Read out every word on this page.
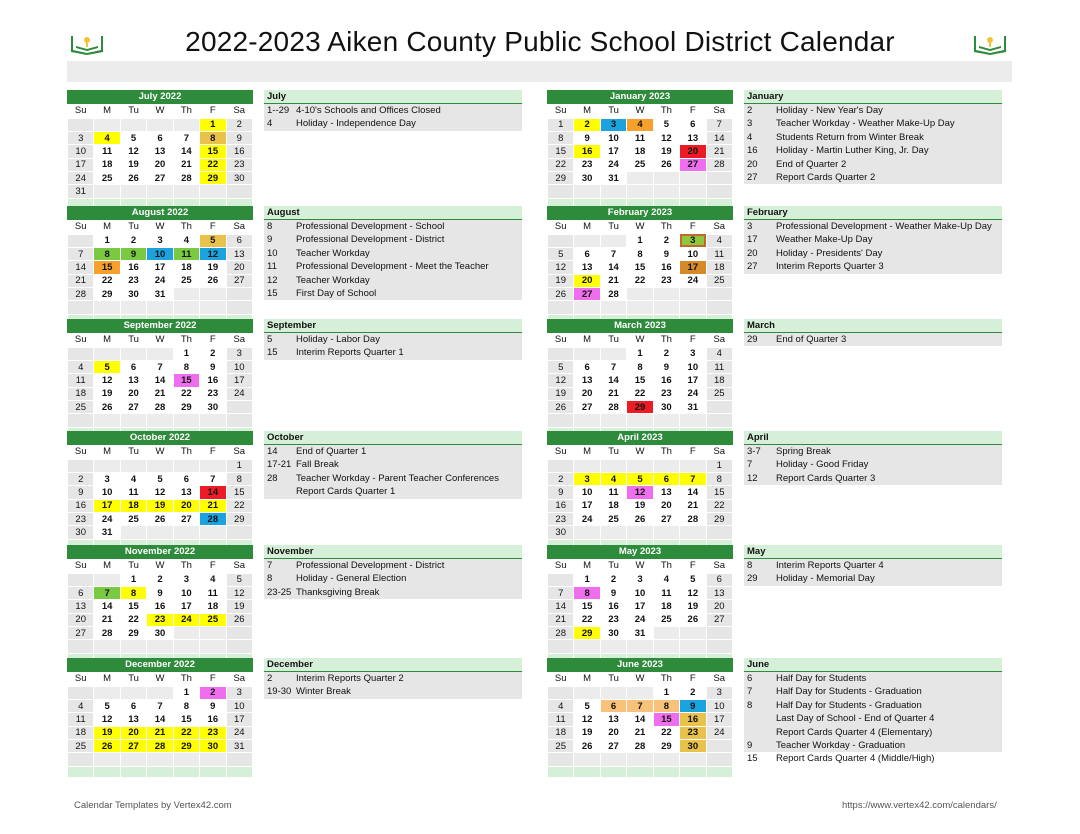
2022-2023 Aiken County Public School District Calendar
July 2022
Su	M	Tu	W	Th	F	Sa
					1	2
3	4	5	6	7	8	9
10	11	12	13	14	15	16
17	18	19	20	21	22	23
24	25	26	27	28	29	30
31						

July
1--29 4-10's Schools and Offices Closed
4	Holiday - Independence Day
August 2022
Su	M	Tu	W	Th	F	Sa
	1	2	3	4	5	6
7	8	9	10	11	12	13
14	15	16	17	18	19	20
21	22	23	24	25	26	27
28	29	30	31			

August
8	Professional Development - School
9	Professional Development - District
10	Teacher Workday
11	Professional Development - Meet the Teacher
12	Teacher Workday
15	First Day of School
September 2022
Su	M	Tu	W	Th	F	Sa
				1	2	3
4	5	6	7	8	9	10
11	12	13	14	15	16	17
18	19	20	21	22	23	24
25	26	27	28	29	30	

September
5	Holiday - Labor Day
15	Interim Reports Quarter 1
October 2022
Su	M	Tu	W	Th	F	Sa
						1
2	3	4	5	6	7	8
9	10	11	12	13	14	15
16	17	18	19	20	21	22
23	24	25	26	27	28	29
30	31					

October
14	End of Quarter 1
17-21 Fall Break
28	Teacher Workday - Parent Teacher Conferences
Report Cards Quarter 1
November 2022
Su	M	Tu	W	Th	F	Sa
		1	2	3	4	5
6	7	8	9	10	11	12
13	14	15	16	17	18	19
20	21	22	23	24	25	26
27	28	29	30			

November
7	Professional Development - District
8	Holiday - General Election
23-25 Thanksgiving Break
December 2022
Su	M	Tu	W	Th	F	Sa
				1	2	3
4	5	6	7	8	9	10
11	12	13	14	15	16	17
18	19	20	21	22	23	24
25	26	27	28	29	30	31

December
2	Interim Reports Quarter 2
19-30 Winter Break
January 2023
Su	M	Tu	W	Th	F	Sa
1	2	3	4	5	6	7
8	9	10	11	12	13	14
15	16	17	18	19	20	21
22	23	24	25	26	27	28
29	30	31				

January
2	Holiday - New Year's Day
3	Teacher Workday - Weather Make-Up Day
4	Students Return from Winter Break
16	Holiday - Martin Luther King, Jr. Day
20	End of Quarter 2
27	Report Cards Quarter 2
February 2023
Su	M	Tu	W	Th	F	Sa
			1	2	3	4
5	6	7	8	9	10	11
12	13	14	15	16	17	18
19	20	21	22	23	24	25
26	27	28				

February
3	Professional Development - Weather Make-Up Day
17	Weather Make-Up Day
20	Holiday - Presidents' Day
27	Interim Reports Quarter 3
March 2023
Su	M	Tu	W	Th	F	Sa
			1	2	3	4
5	6	7	8	9	10	11
12	13	14	15	16	17	18
19	20	21	22	23	24	25
26	27	28	29	30	31	

March
29	End of Quarter 3
April 2023
Su	M	Tu	W	Th	F	Sa
						1
2	3	4	5	6	7	8
9	10	11	12	13	14	15
16	17	18	19	20	21	22
23	24	25	26	27	28	29
30						

April
3-7	Spring Break
7	Holiday - Good Friday
12	Report Cards Quarter 3
May 2023
Su	M	Tu	W	Th	F	Sa
	1	2	3	4	5	6
7	8	9	10	11	12	13
14	15	16	17	18	19	20
21	22	23	24	25	26	27
28	29	30	31			

May
8	Interim Reports Quarter 4
29	Holiday - Memorial Day
June 2023
Su	M	Tu	W	Th	F	Sa
				1	2	3
4	5	6	7	8	9	10
11	12	13	14	15	16	17
18	19	20	21	22	23	24
25	26	27	28	29	30	

June
6	Half Day for Students
7	Half Day for Students - Graduation
8	Half Day for Students - Graduation
Last Day of School - End of Quarter 4
Report Cards Quarter 4 (Elementary)
9	Teacher Workday - Graduation
15	Report Cards Quarter 4 (Middle/High)
Calendar Templates by Vertex42.com	https://www.vertex42.com/calendars/
